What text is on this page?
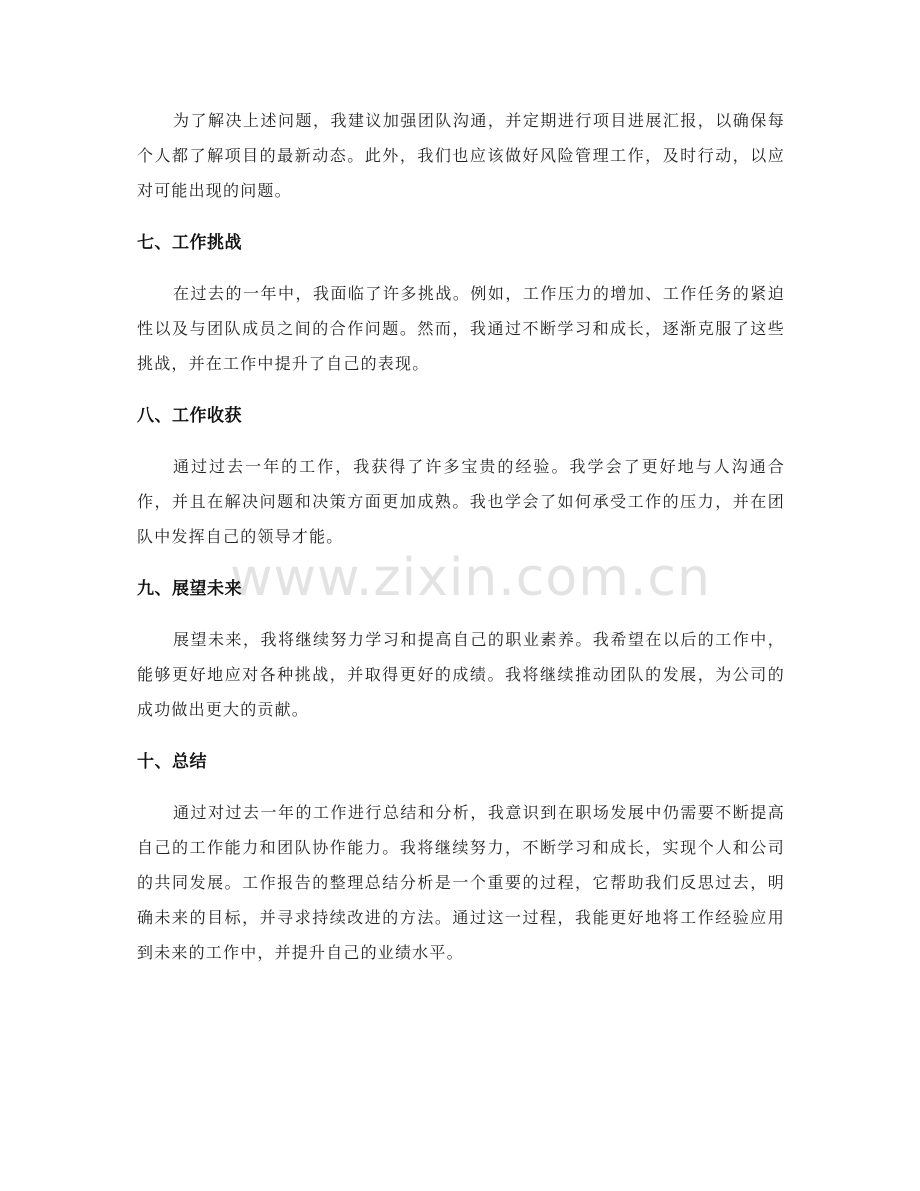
www.zixin.com.cn

为了解决上述问题，我建议加强团队沟通，并定期进行项目进展汇报，以确保每个人都了解项目的最新动态。此外，我们也应该做好风险管理工作，及时行动，以应对可能出现的问题。

七、工作挑战

在过去的一年中，我面临了许多挑战。例如，工作压力的增加、工作任务的紧迫性以及与团队成员之间的合作问题。然而，我通过不断学习和成长，逐渐克服了这些挑战，并在工作中提升了自己的表现。

八、工作收获

通过过去一年的工作，我获得了许多宝贵的经验。我学会了更好地与人沟通合作，并且在解决问题和决策方面更加成熟。我也学会了如何承受工作的压力，并在团队中发挥自己的领导才能。

九、展望未来

展望未来，我将继续努力学习和提高自己的职业素养。我希望在以后的工作中，能够更好地应对各种挑战，并取得更好的成绩。我将继续推动团队的发展，为公司的成功做出更大的贡献。

十、总结

通过对过去一年的工作进行总结和分析，我意识到在职场发展中仍需要不断提高自己的工作能力和团队协作能力。我将继续努力，不断学习和成长，实现个人和公司的共同发展。工作报告的整理总结分析是一个重要的过程，它帮助我们反思过去，明确未来的目标，并寻求持续改进的方法。通过这一过程，我能更好地将工作经验应用到未来的工作中，并提升自己的业绩水平。
